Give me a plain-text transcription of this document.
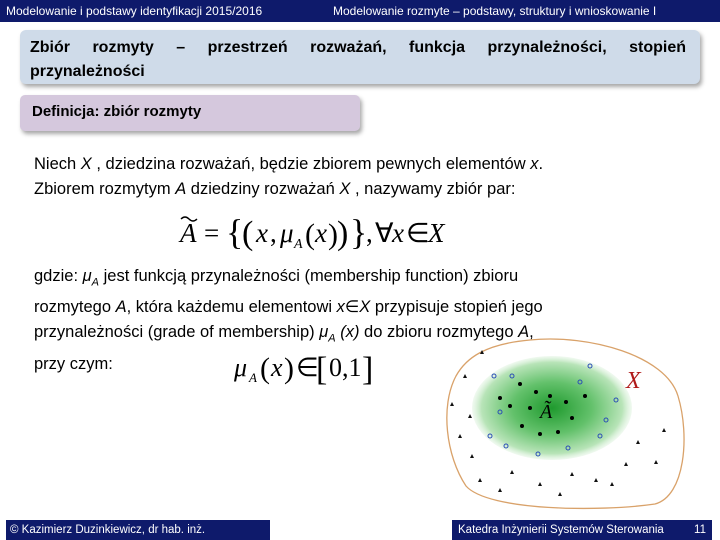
Modelowanie i podstawy identyfikacji 2015/2016	Modelowanie rozmyte – podstawy, struktury i wnioskowanie I
Zbiór rozmyty – przestrzeń rozważań, funkcja przynależności, stopień przynależności
Definicja: zbiór rozmyty
Niech X , dziedzina rozważań, będzie zbiorem pewnych elementów x.
Zbiorem rozmytym A dziedziny rozważań X , nazywamy zbiór par:
A = {
( x , μ A ( x ) ) }
, ∀
x ∈
X
gdzie: $\mu_A$ jest funkcją przynależności (membership function) zbioru
rozmytego A, która każdemu elementowi x∈X przypisuje stopień jego
przynależności (grade of membership) $\mu_A$ (x) do zbioru rozmytego A,
przy czym:	μ A ( x ) ∈
[ 0,1 ]	X
Ã
© Kazimierz Duzinkiewicz, dr hab. inż.	Katedra Inżynierii Systemów Sterowania	11
